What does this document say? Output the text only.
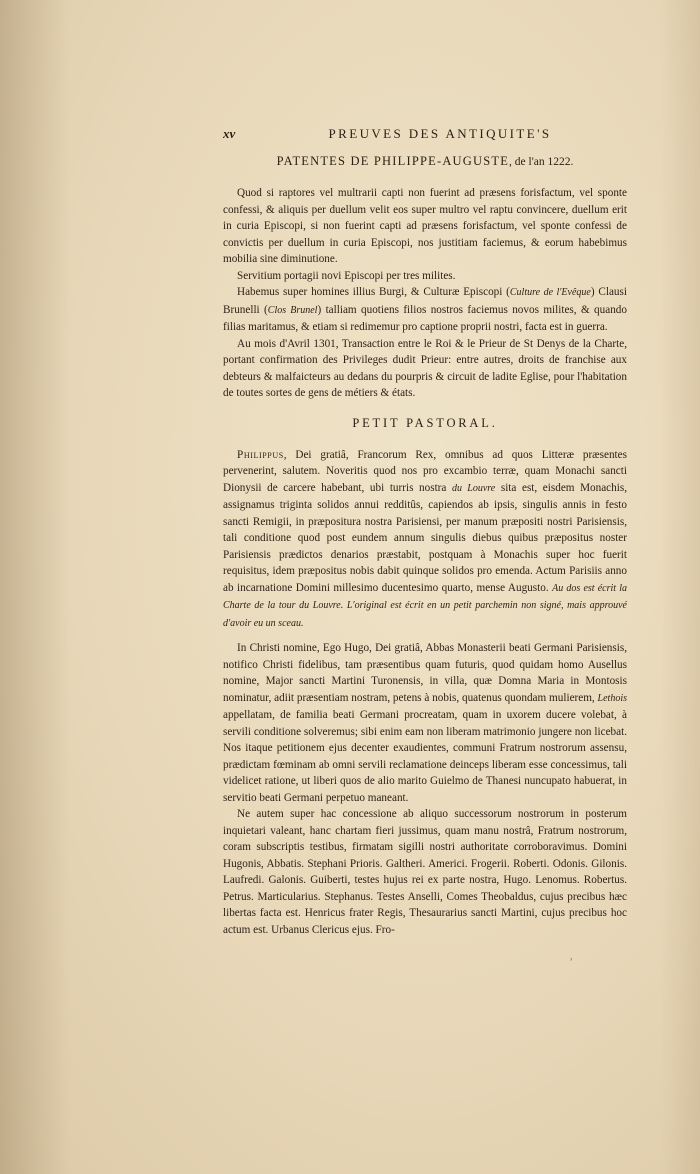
xv	PREUVES DES ANTIQUITE'S
PATENTES DE PHILIPPE-AUGUSTE, de l'an 1222.

Quod si raptores vel multrarii capti non fuerint ad præsens forisfactum, vel sponte confessi, & aliquis per duellum velit eos super multro vel raptu convincere, duellum erit in curia Episcopi, si non fuerint capti ad præsens forisfactum, vel sponte confessi de convictis per duellum in curia Episcopi, nos justitiam faciemus, & eorum habebimus mobilia sine diminutione.

Servitium portagii novi Episcopi per tres milites.

Habemus super homines illius Burgi, & Culturæ Episcopi (Culture de l'Evêque) Clausi Brunelli (Clos Brunel) talliam quotiens filios nostros faciemus novos milites, & quando filias maritamus, & etiam si redimemur pro captione proprii nostri, facta est in guerra.

Au mois d'Avril 1301, Transaction entre le Roi & le Prieur de St Denys de la Charte, portant confirmation des Privileges dudit Prieur: entre autres, droits de franchise aux debteurs & malfaicteurs au dedans du pourpris & circuit de ladite Eglise, pour l'habitation de toutes sortes de gens de métiers & états.

PETIT PASTORAL.

Philippus, Dei gratiâ, Francorum Rex, omnibus ad quos Litteræ præsentes pervenerint, salutem. Noveritis quod nos pro excambio terræ, quam Monachi sancti Dionysii de carcere habebant, ubi turris nostra du Louvre sita est, eisdem Monachis, assignamus triginta solidos annui redditûs, capiendos ab ipsis, singulis annis in festo sancti Remigii, in præpositura nostra Parisiensi, per manum præpositi nostri Parisiensis, tali conditione quod post eundem annum singulis diebus quibus præpositus noster Parisiensis prædictos denarios præstabit, postquam à Monachis super hoc fuerit requisitus, idem præpositus nobis dabit quinque solidos pro emenda. Actum Parisiis anno ab incarnatione Domini millesimo ducentesimo quarto, mense Augusto. Au dos est écrit la Charte de la tour du Louvre. L'original est écrit en un petit parchemin non signé, mais approuvé d'avoir eu un sceau.

In Christi nomine, Ego Hugo, Dei gratiâ, Abbas Monasterii beati Germani Parisiensis, notifico Christi fidelibus, tam præsentibus quam futuris, quod quidam homo Ausellus nomine, Major sancti Martini Turonensis, in villa, quæ Domna Maria in Montosis nominatur, adiit præsentiam nostram, petens à nobis, quatenus quondam mulierem, Lethois appellatam, de familia beati Germani procreatam, quam in uxorem ducere volebat, à servili conditione solveremus; sibi enim eam non liberam matrimonio jungere non licebat. Nos itaque petitionem ejus decenter exaudientes, communi Fratrum nostrorum assensu, prædictam fœminam ab omni servili reclamatione deinceps liberam esse concessimus, tali videlicet ratione, ut liberi quos de alio marito Guielmo de Thanesi nuncupato habuerat, in servitio beati Germani perpetuo maneant.

Ne autem super hac concessione ab aliquo successorum nostrorum in posterum inquietari valeant, hanc chartam fieri jussimus, quam manu nostrâ, Fratrum nostrorum, coram subscriptis testibus, firmatam sigilli nostri authoritate corroboravimus. Domini Hugonis, Abbatis. Stephani Prioris. Galtheri. Americi. Frogerii. Roberti. Odonis. Gilonis. Laufredi. Galonis. Guiberti, testes hujus rei ex parte nostra, Hugo. Lenomus. Robertus. Petrus. Marticularius. Stephanus. Testes Anselli, Comes Theobaldus, cujus precibus hæc libertas facta est. Henricus frater Regis, Thesaurarius sancti Martini, cujus precibus hoc actum est. Urbanus Clericus ejus. Fro-

ʾ
